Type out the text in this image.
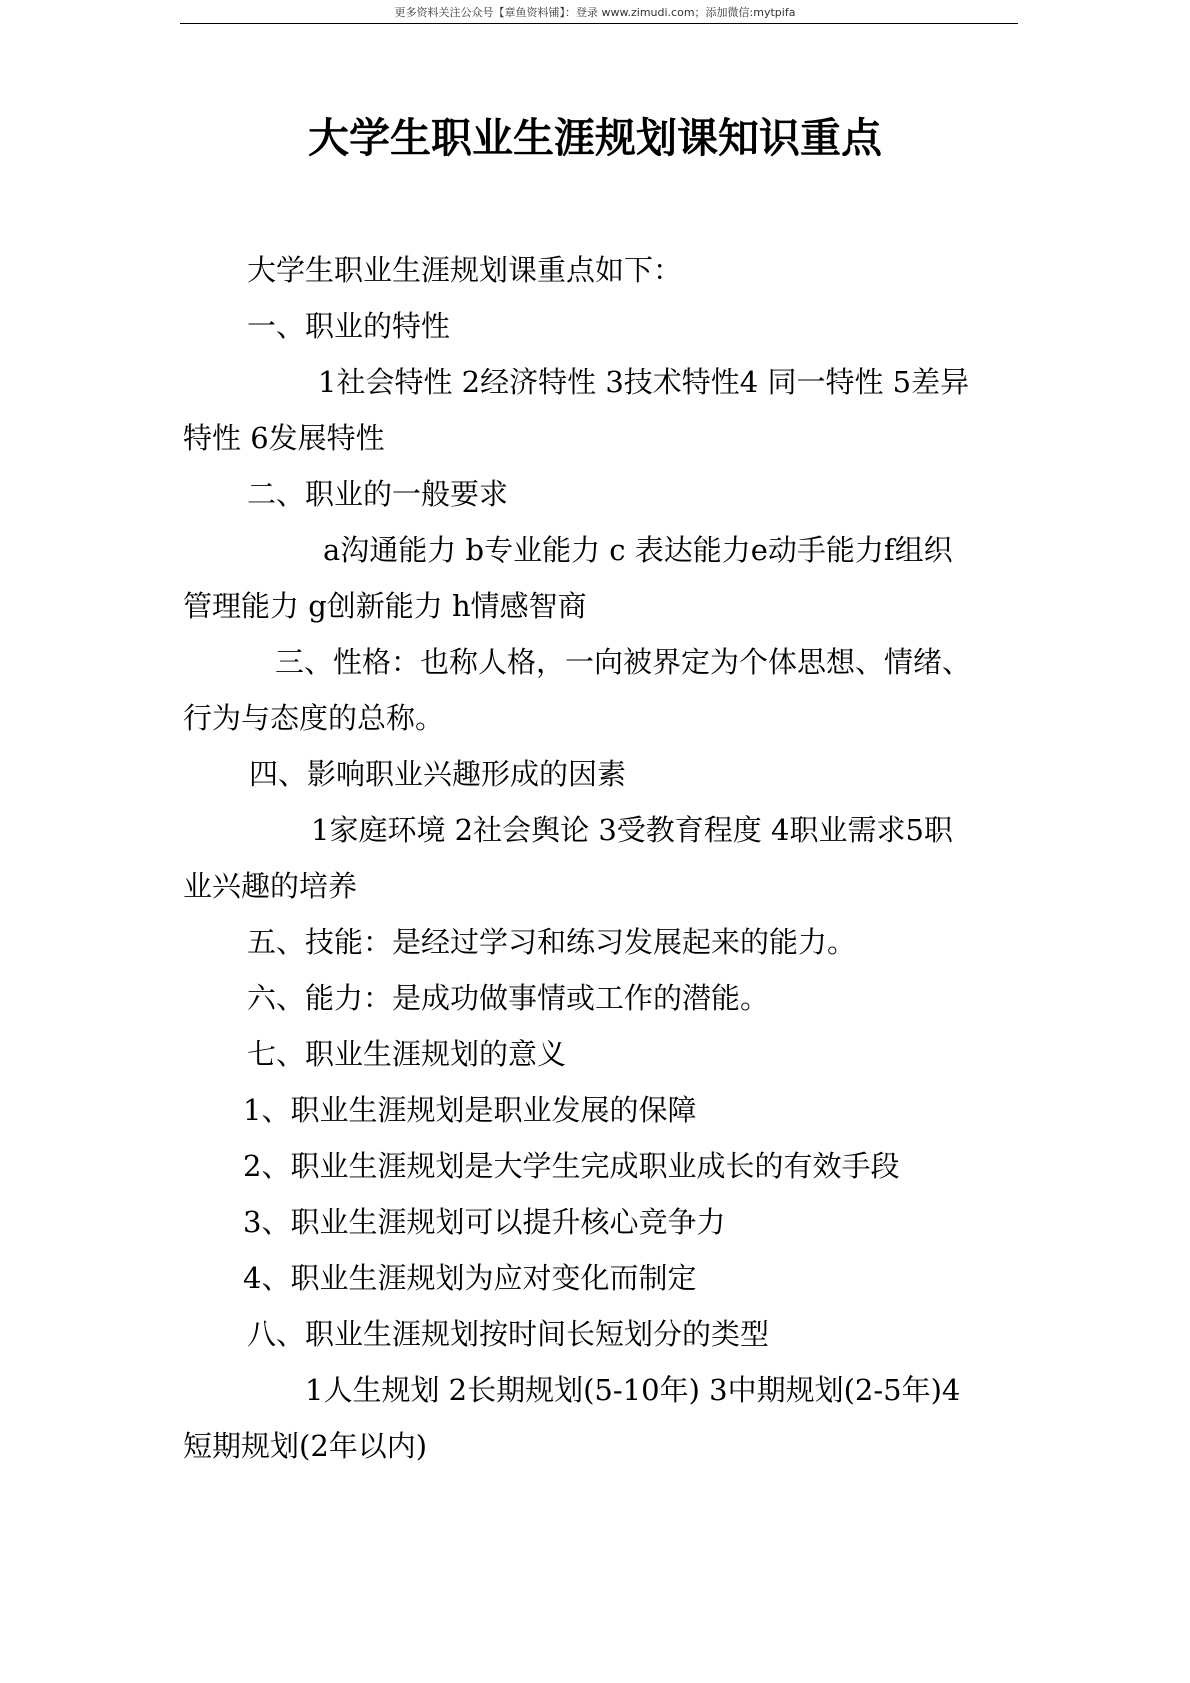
更多资料关注公众号【章鱼资料铺】：登录 www.zimudi.com；添加微信:mytpifa
大学生职业生涯规划课知识重点
大学生职业生涯规划课重点如下：
一、职业的特性
1社会特性 2经济特性 3技术特性4 同一特性 5差异
特性 6发展特性
二、职业的一般要求
a沟通能力 b专业能力 c 表达能力e动手能力f组织
管理能力 g创新能力 h情感智商
三、性格：也称人格，一向被界定为个体思想、情绪、
行为与态度的总称。
四、影响职业兴趣形成的因素
1家庭环境 2社会舆论 3受教育程度 4职业需求5职
业兴趣的培养
五、技能：是经过学习和练习发展起来的能力。
六、能力：是成功做事情或工作的潜能。
七、职业生涯规划的意义
1、职业生涯规划是职业发展的保障
2、职业生涯规划是大学生完成职业成长的有效手段
3、职业生涯规划可以提升核心竞争力
4、职业生涯规划为应对变化而制定
八、职业生涯规划按时间长短划分的类型
1人生规划 2长期规划(5-10年) 3中期规划(2-5年)4
短期规划(2年以内)
